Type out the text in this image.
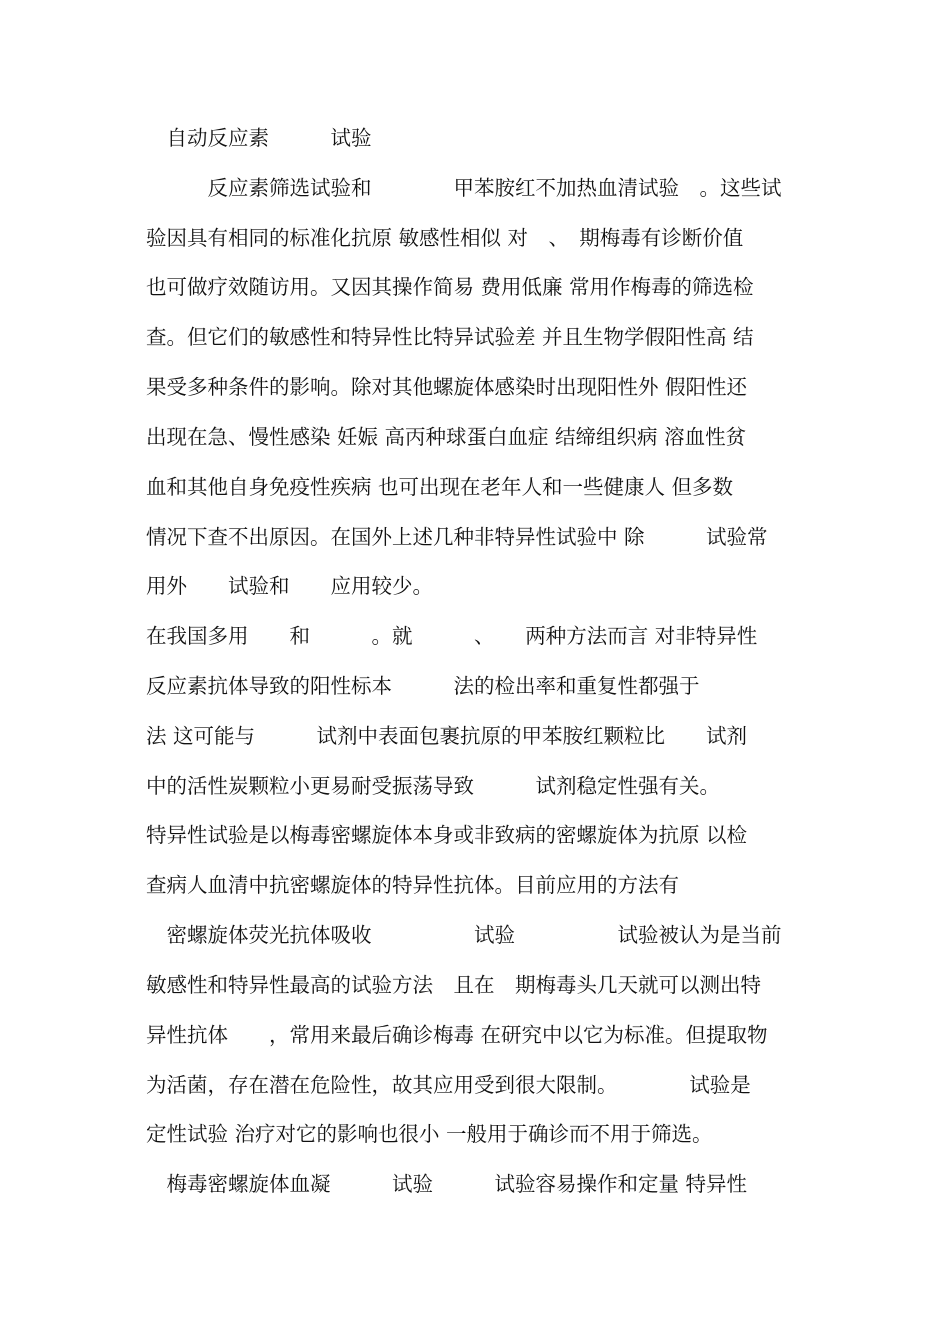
　自动反应素　　　试验
　　　反应素筛选试验和　　　　甲苯胺红不加热血清试验　。这些试
验因具有相同的标准化抗原 敏感性相似 对　、　期梅毒有诊断价值
也可做疗效随访用。又因其操作简易 费用低廉 常用作梅毒的筛选检
查。但它们的敏感性和特异性比特异试验差 并且生物学假阳性高 结
果受多种条件的影响。除对其他螺旋体感染时出现阳性外 假阳性还
出现在急、慢性感染 妊娠 高丙种球蛋白血症 结缔组织病 溶血性贫
血和其他自身免疫性疾病 也可出现在老年人和一些健康人 但多数
情况下查不出原因。在国外上述几种非特异性试验中 除　　　试验常
用外　　试验和　　应用较少。
在我国多用　　和　　　。就　　　、　　两种方法而言 对非特异性
反应素抗体导致的阳性标本　　　法的检出率和重复性都强于
法 这可能与　　　试剂中表面包裹抗原的甲苯胺红颗粒比　　试剂
中的活性炭颗粒小更易耐受振荡导致　　　试剂稳定性强有关。
特异性试验是以梅毒密螺旋体本身或非致病的密螺旋体为抗原 以检
查病人血清中抗密螺旋体的特异性抗体。目前应用的方法有
　密螺旋体荧光抗体吸收　　　　　试验　　　　　试验被认为是当前
敏感性和特异性最高的试验方法　且在　期梅毒头几天就可以测出特
异性抗体　　，常用来最后确诊梅毒 在研究中以它为标准。但提取物
为活菌，存在潜在危险性，故其应用受到很大限制。　　　　试验是
定性试验 治疗对它的影响也很小 一般用于确诊而不用于筛选。
　梅毒密螺旋体血凝　　　试验　　　试验容易操作和定量 特异性
